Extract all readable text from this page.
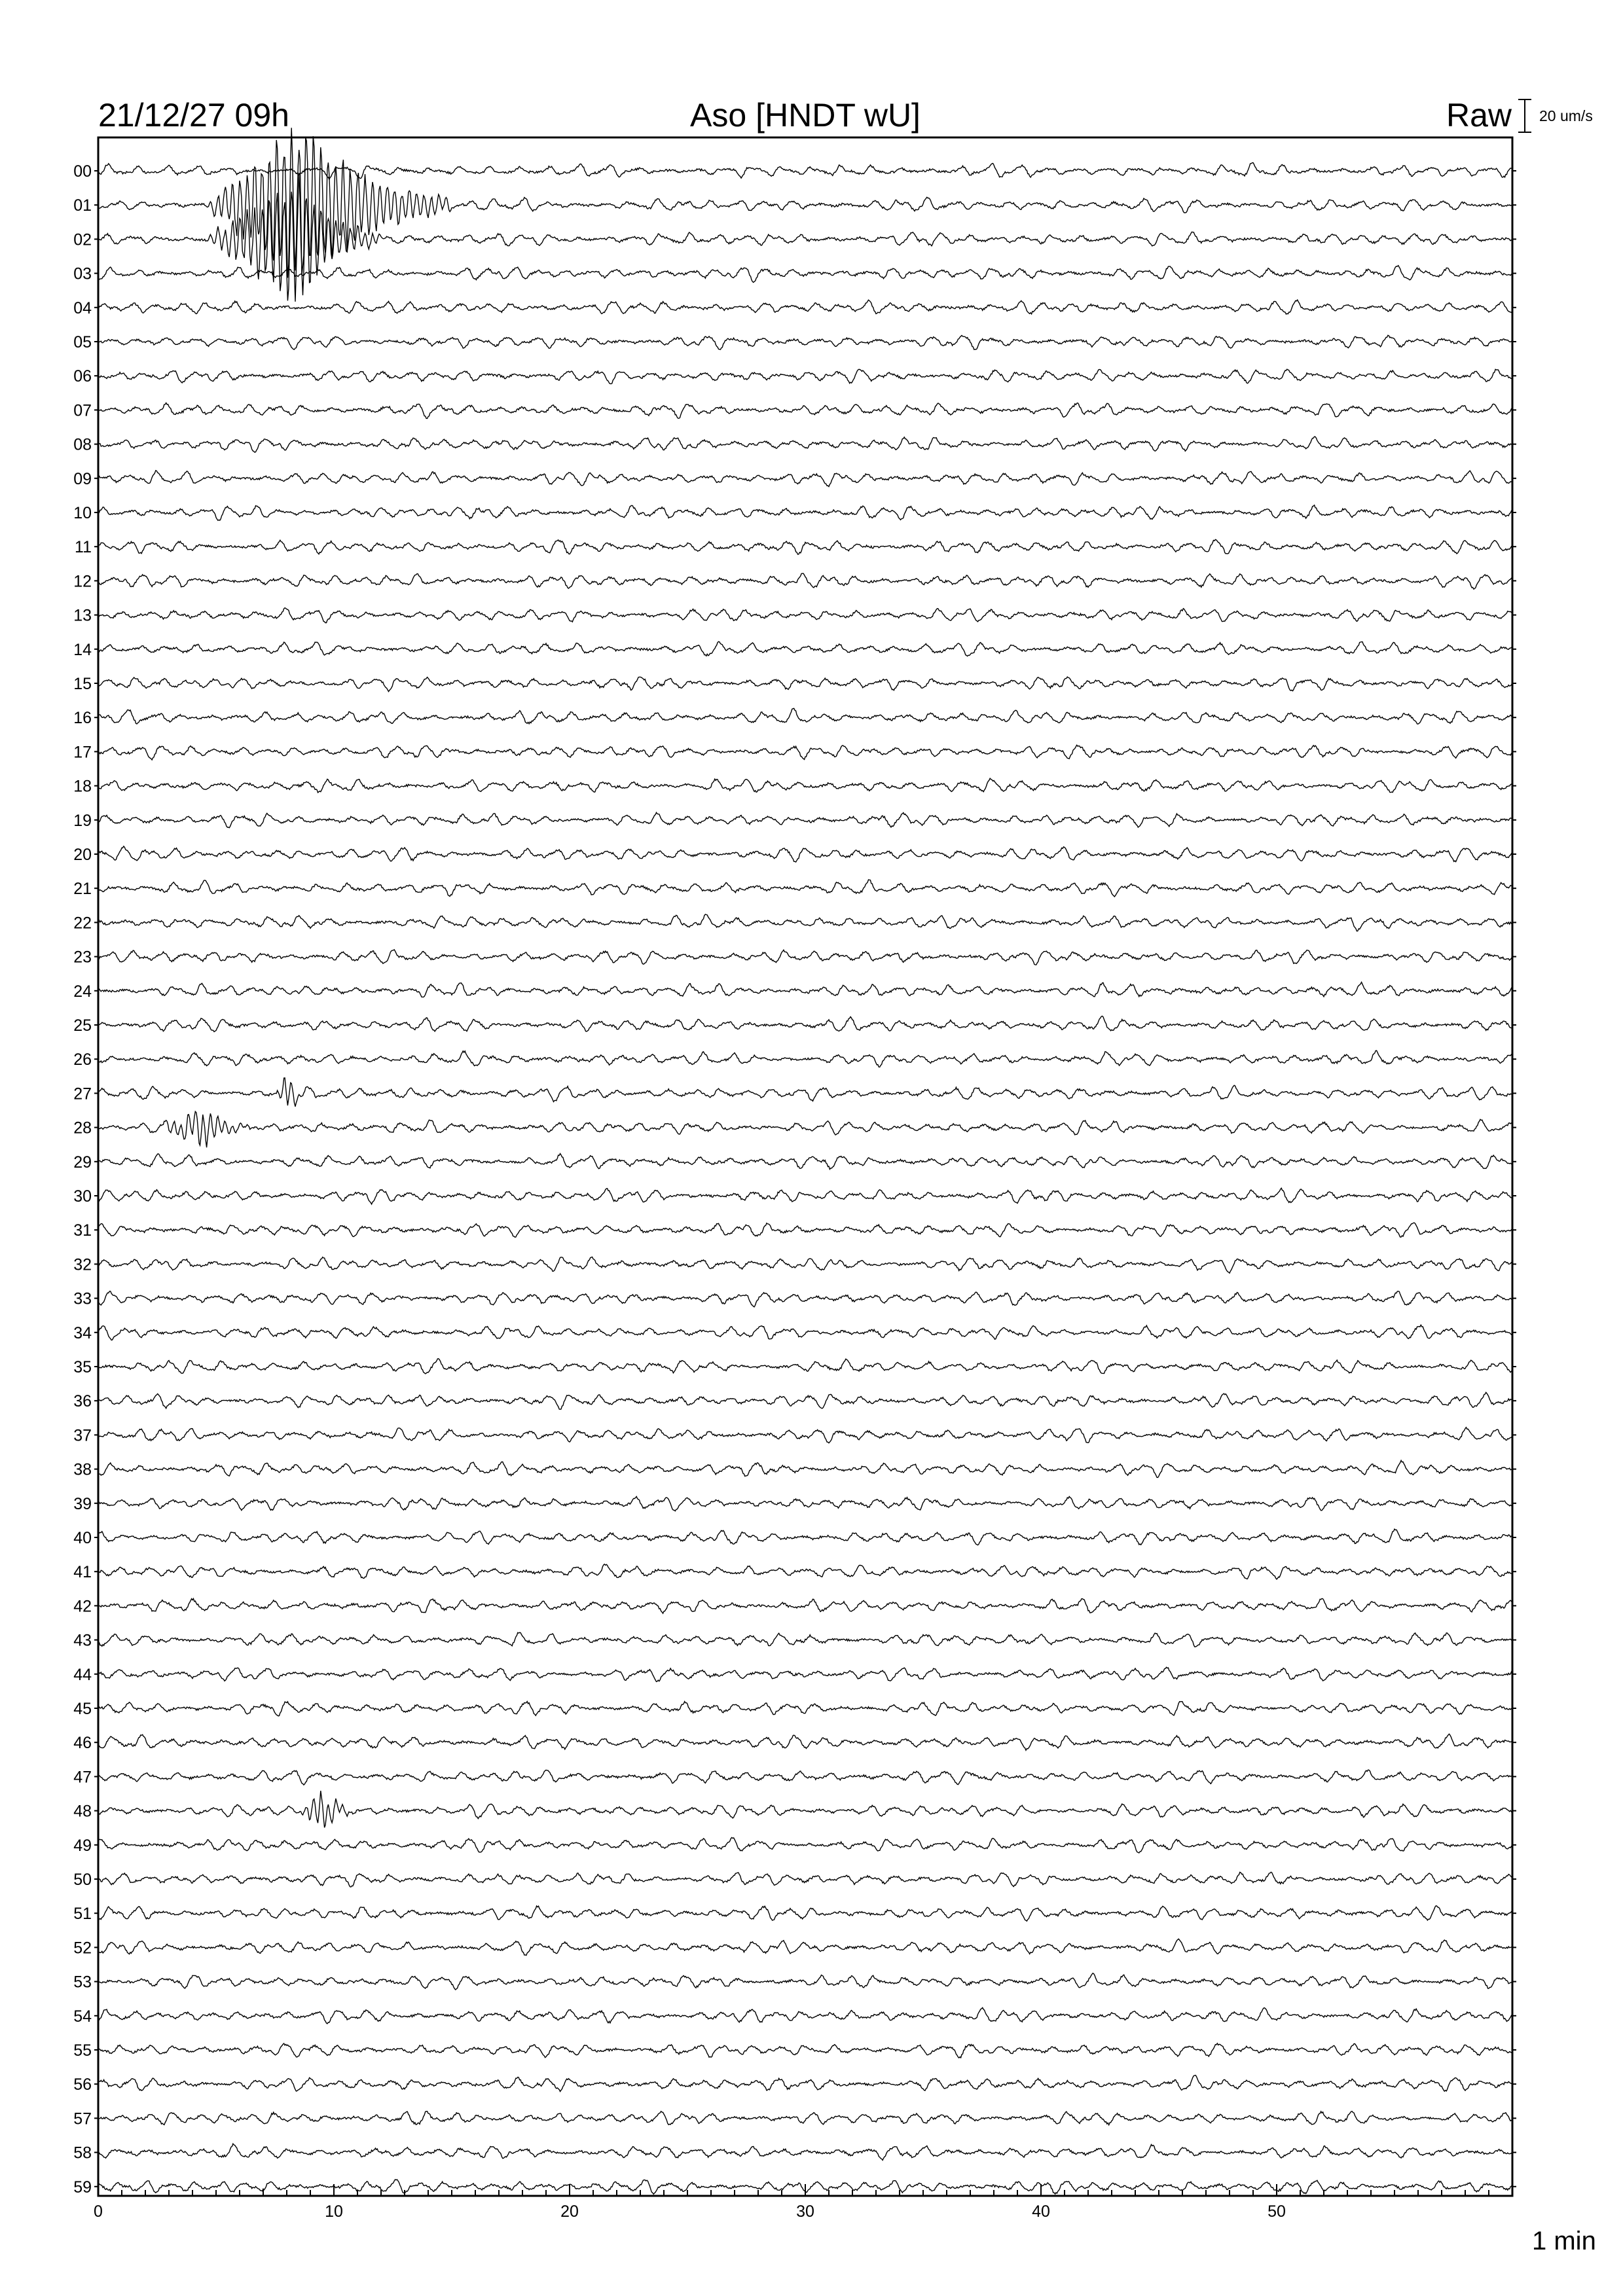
21/12/27 09h	Aso [HNDT wU]	Raw 20 um/s
00
01
02
03
04
05
06
07
08
09
10
11
12
13
14
15
16
17
18
19
20
21
22
23
24
25
26
27
28
29
30
31
32
33
34
35
36
37
38
39
40
41
42
43
44
45
46
47
48
49
50
51
52
53
54
55
56
57
58
59
0	10	20	30	40	50
1 min
